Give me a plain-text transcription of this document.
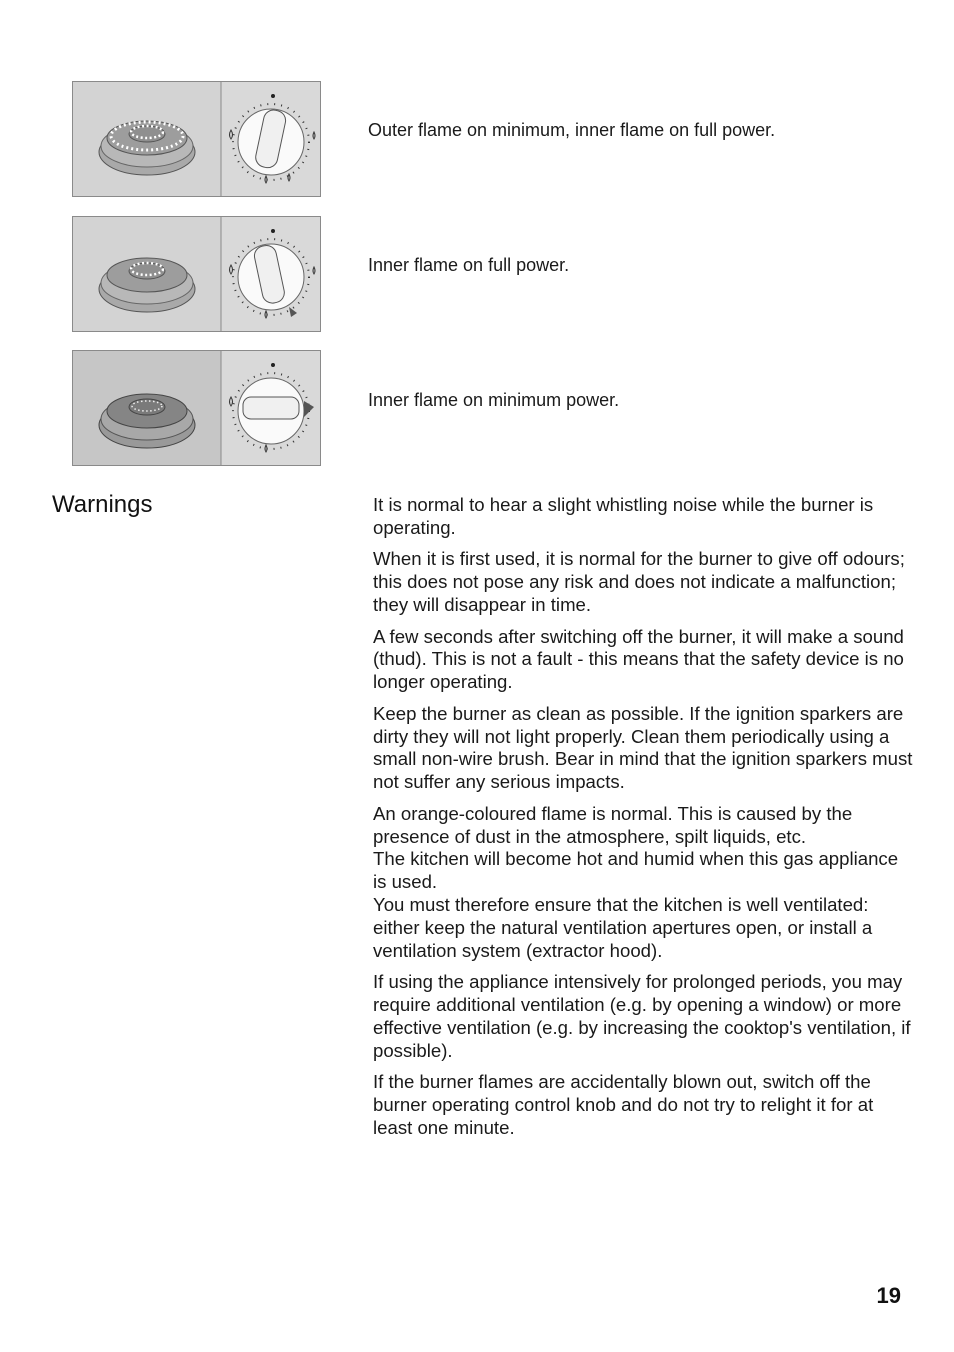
Outer flame on minimum, inner flame on full power.
Inner flame on full power.
Inner flame on minimum power.
Warnings	It is normal to hear a slight whistling noise while the burner is operating.

When it is first used, it is normal for the burner to give off odours; this does not pose any risk and does not indicate a malfunction; they will disappear in time.

A few seconds after switching off the burner, it will make a sound (thud). This is not a fault - this means that the safety device is no longer operating.

Keep the burner as clean as possible. If the ignition sparkers are dirty they will not light properly. Clean them periodically using a small non-wire brush. Bear in mind that the ignition sparkers must not suffer any serious impacts.

An orange-coloured flame is normal. This is caused by the presence of dust in the atmosphere, spilt liquids, etc.
The kitchen will become hot and humid when this gas appliance is used.
You must therefore ensure that the kitchen is well ventilated:
either keep the natural ventilation apertures open, or install a ventilation system (extractor hood).

If using the appliance intensively for prolonged periods, you may require additional ventilation (e.g. by opening a window) or more effective ventilation (e.g. by increasing the cooktop's ventilation, if possible).

If the burner flames are accidentally blown out, switch off the burner operating control knob and do not try to relight it for at least one minute.

19
